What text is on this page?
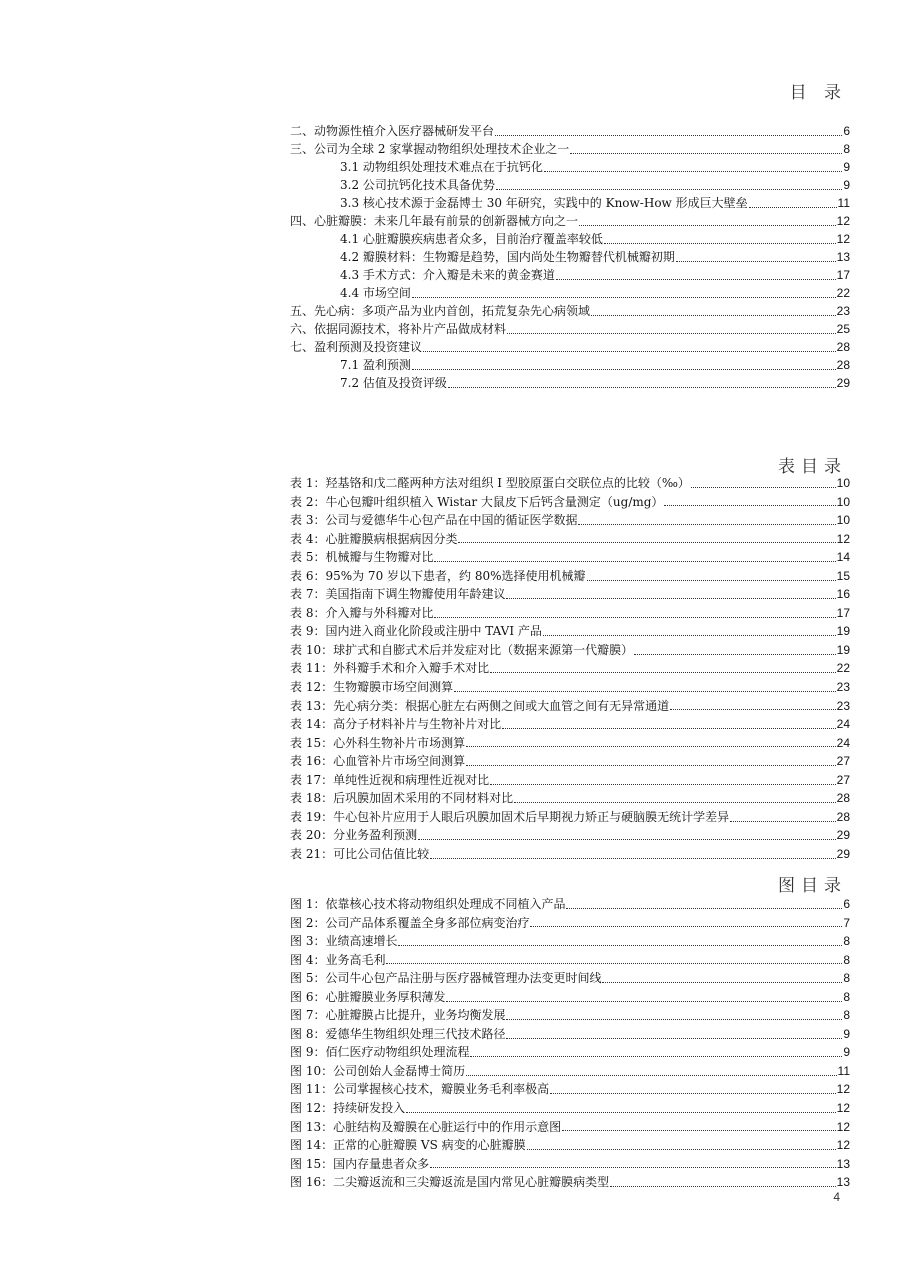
目 录
二、动物源性植介入医疗器械研发平台	6
三、公司为全球 2 家掌握动物组织处理技术企业之一	8
3.1 动物组织处理技术难点在于抗钙化	9
3.2 公司抗钙化技术具备优势	9
3.3 核心技术源于金磊博士 30 年研究，实践中的 Know-How 形成巨大壁垒	11
四、心脏瓣膜：未来几年最有前景的创新器械方向之一	12
4.1 心脏瓣膜疾病患者众多，目前治疗覆盖率较低	12
4.2 瓣膜材料：生物瓣是趋势，国内尚处生物瓣替代机械瓣初期	13
4.3 手术方式：介入瓣是未来的黄金赛道	17
4.4 市场空间	22
五、先心病：多项产品为业内首创，拓荒复杂先心病领域	23
六、依据同源技术，将补片产品做成材料	25
七、盈利预测及投资建议	28
7.1 盈利预测	28
7.2 估值及投资评级	29
表目录
表 1：羟基铬和戊二醛两种方法对组织 I 型胶原蛋白交联位点的比较（‰）	10
表 2：牛心包瓣叶组织植入 Wistar 大鼠皮下后钙含量测定（ug/mg）	10
表 3：公司与爱德华牛心包产品在中国的循证医学数据	10
表 4：心脏瓣膜病根据病因分类	12
表 5：机械瓣与生物瓣对比	14
表 6：95%为 70 岁以下患者，约 80%选择使用机械瓣	15
表 7：美国指南下调生物瓣使用年龄建议	16
表 8：介入瓣与外科瓣对比	17
表 9：国内进入商业化阶段或注册中 TAVI 产品	19
表 10：球扩式和自膨式术后并发症对比（数据来源第一代瓣膜）	19
表 11：外科瓣手术和介入瓣手术对比	22
表 12：生物瓣膜市场空间测算	23
表 13：先心病分类：根据心脏左右两侧之间或大血管之间有无异常通道	23
表 14：高分子材料补片与生物补片对比	24
表 15：心外科生物补片市场测算	24
表 16：心血管补片市场空间测算	27
表 17：单纯性近视和病理性近视对比	27
表 18：后巩膜加固术采用的不同材料对比	28
表 19：牛心包补片应用于人眼后巩膜加固术后早期视力矫正与硬脑膜无统计学差异	28
表 20：分业务盈利预测	29
表 21：可比公司估值比较	29
图目录
图 1：依靠核心技术将动物组织处理成不同植入产品	6
图 2：公司产品体系覆盖全身多部位病变治疗	7
图 3：业绩高速增长	8
图 4：业务高毛利	8
图 5：公司牛心包产品注册与医疗器械管理办法变更时间线	8
图 6：心脏瓣膜业务厚积薄发	8
图 7：心脏瓣膜占比提升，业务均衡发展	8
图 8：爱德华生物组织处理三代技术路径	9
图 9：佰仁医疗动物组织处理流程	9
图 10：公司创始人金磊博士简历	11
图 11：公司掌握核心技术，瓣膜业务毛利率极高	12
图 12：持续研发投入	12
图 13：心脏结构及瓣膜在心脏运行中的作用示意图	12
图 14：正常的心脏瓣膜 VS 病变的心脏瓣膜	12
图 15：国内存量患者众多	13
图 16：二尖瓣返流和三尖瓣返流是国内常见心脏瓣膜病类型	13
4
